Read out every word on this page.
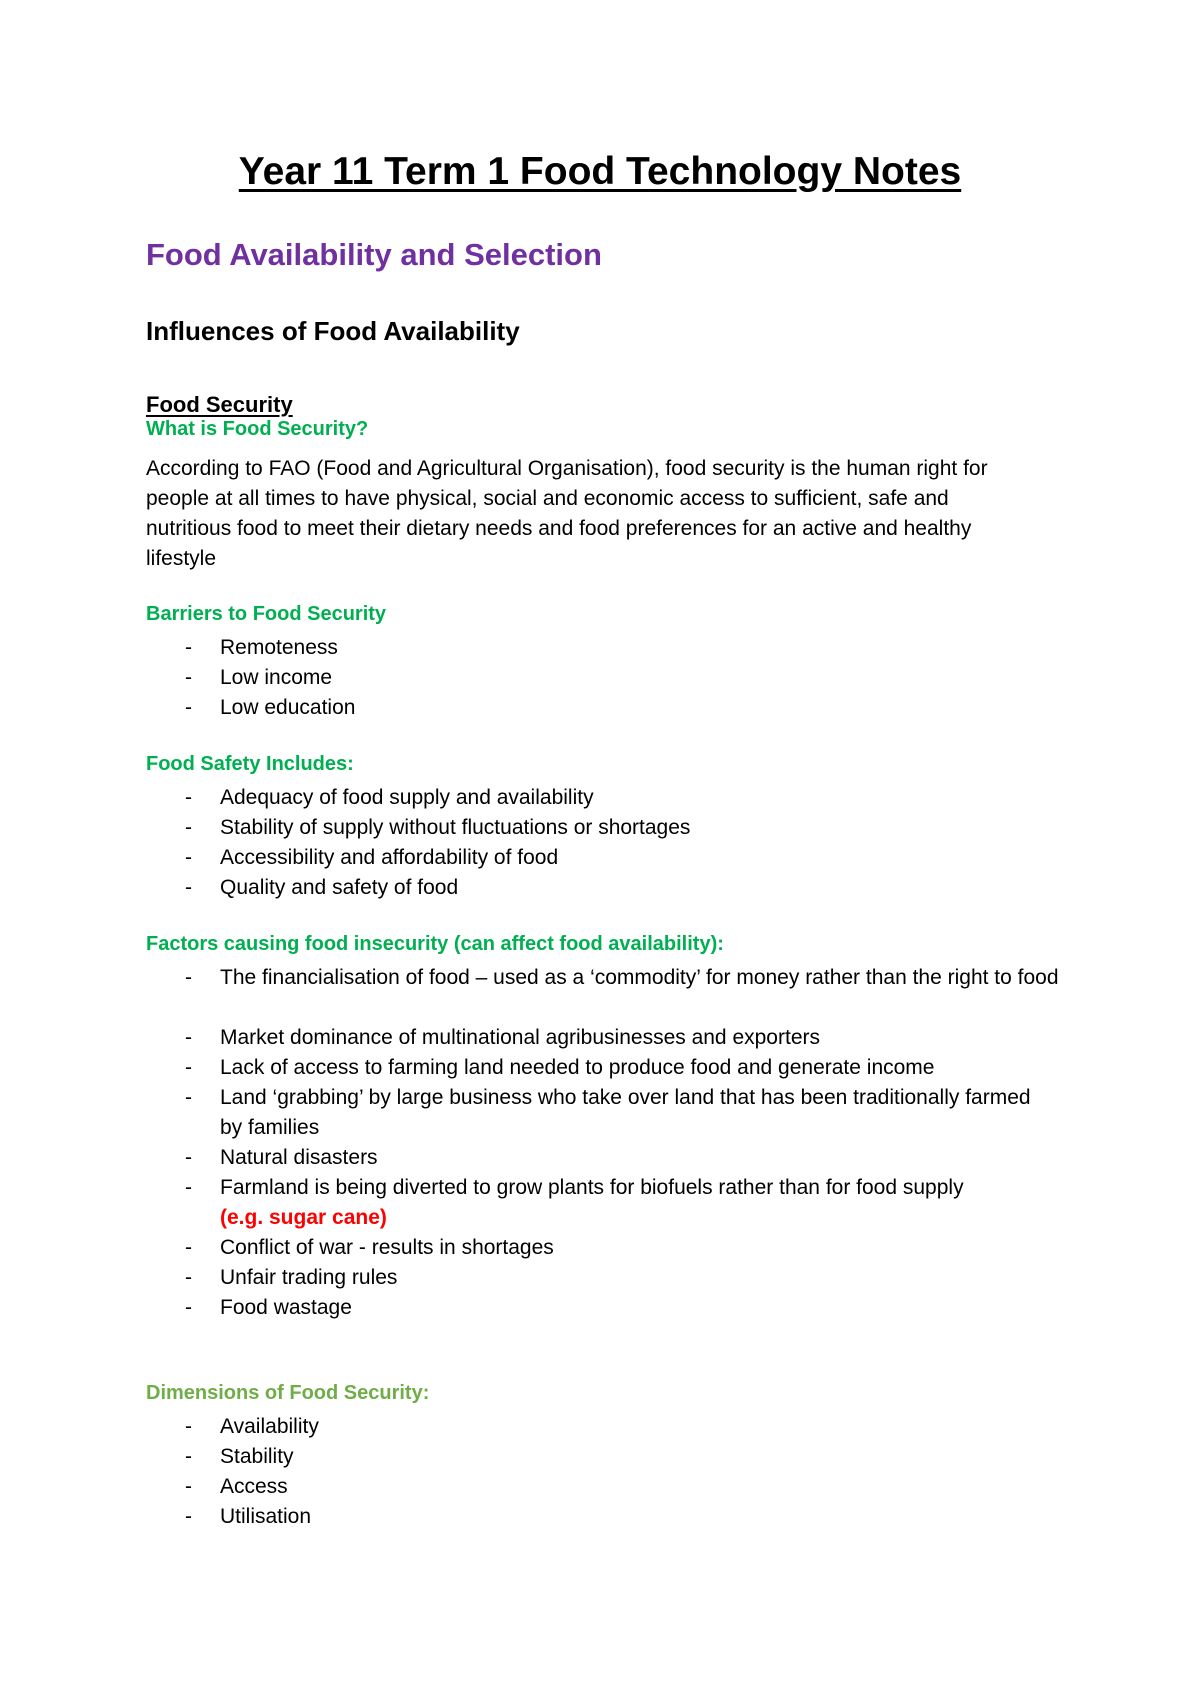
Year 11 Term 1 Food Technology Notes
Food Availability and Selection
Influences of Food Availability
Food Security
What is Food Security?
According to FAO (Food and Agricultural Organisation), food security is the human right for
people at all times to have physical, social and economic access to sufficient, safe and
nutritious food to meet their dietary needs and food preferences for an active and healthy
lifestyle
Barriers to Food Security
- Remoteness
- Low income
- Low education
Food Safety Includes:
- Adequacy of food supply and availability
- Stability of supply without fluctuations or shortages
- Accessibility and affordability of food
- Quality and safety of food
Factors causing food insecurity (can affect food availability):
- The financialisation of food – used as a ‘commodity’ for money rather than the right to food
- Market dominance of multinational agribusinesses and exporters
- Lack of access to farming land needed to produce food and generate income
- Land ‘grabbing’ by large business who take over land that has been traditionally farmed by families
- Natural disasters
- Farmland is being diverted to grow plants for biofuels rather than for food supply
(e.g. sugar cane)
- Conflict of war - results in shortages
- Unfair trading rules
- Food wastage
Dimensions of Food Security:
- Availability
- Stability
- Access
- Utilisation
